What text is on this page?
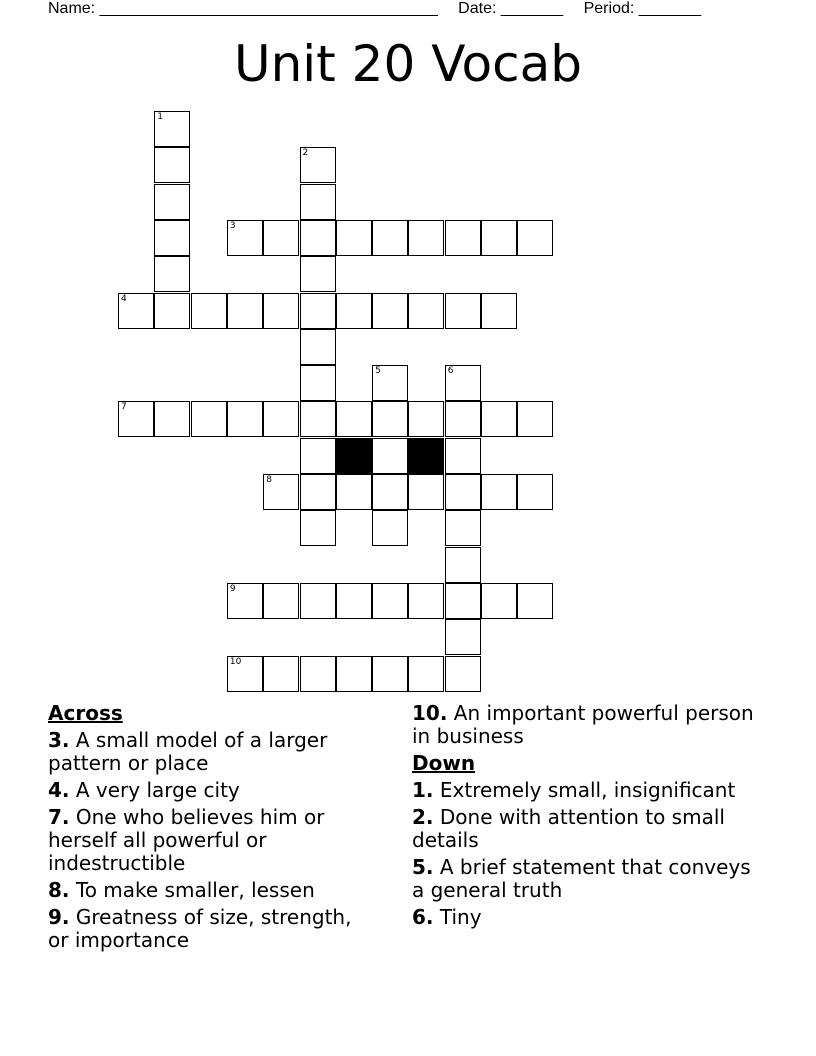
Name: ______________________________________ Date: _______ Period: _______
Unit 20 Vocab
1
2
3
4
5	6
7
8
9
10
Across
3. A small model of a larger pattern or place
4. A very large city
7. One who believes him or herself all powerful or indestructible
8. To make smaller, lessen
9. Greatness of size, strength, or importance
10. An important powerful person in business
Down
1. Extremely small, insignificant
2. Done with attention to small details
5. A brief statement that conveys a general truth
6. Tiny
